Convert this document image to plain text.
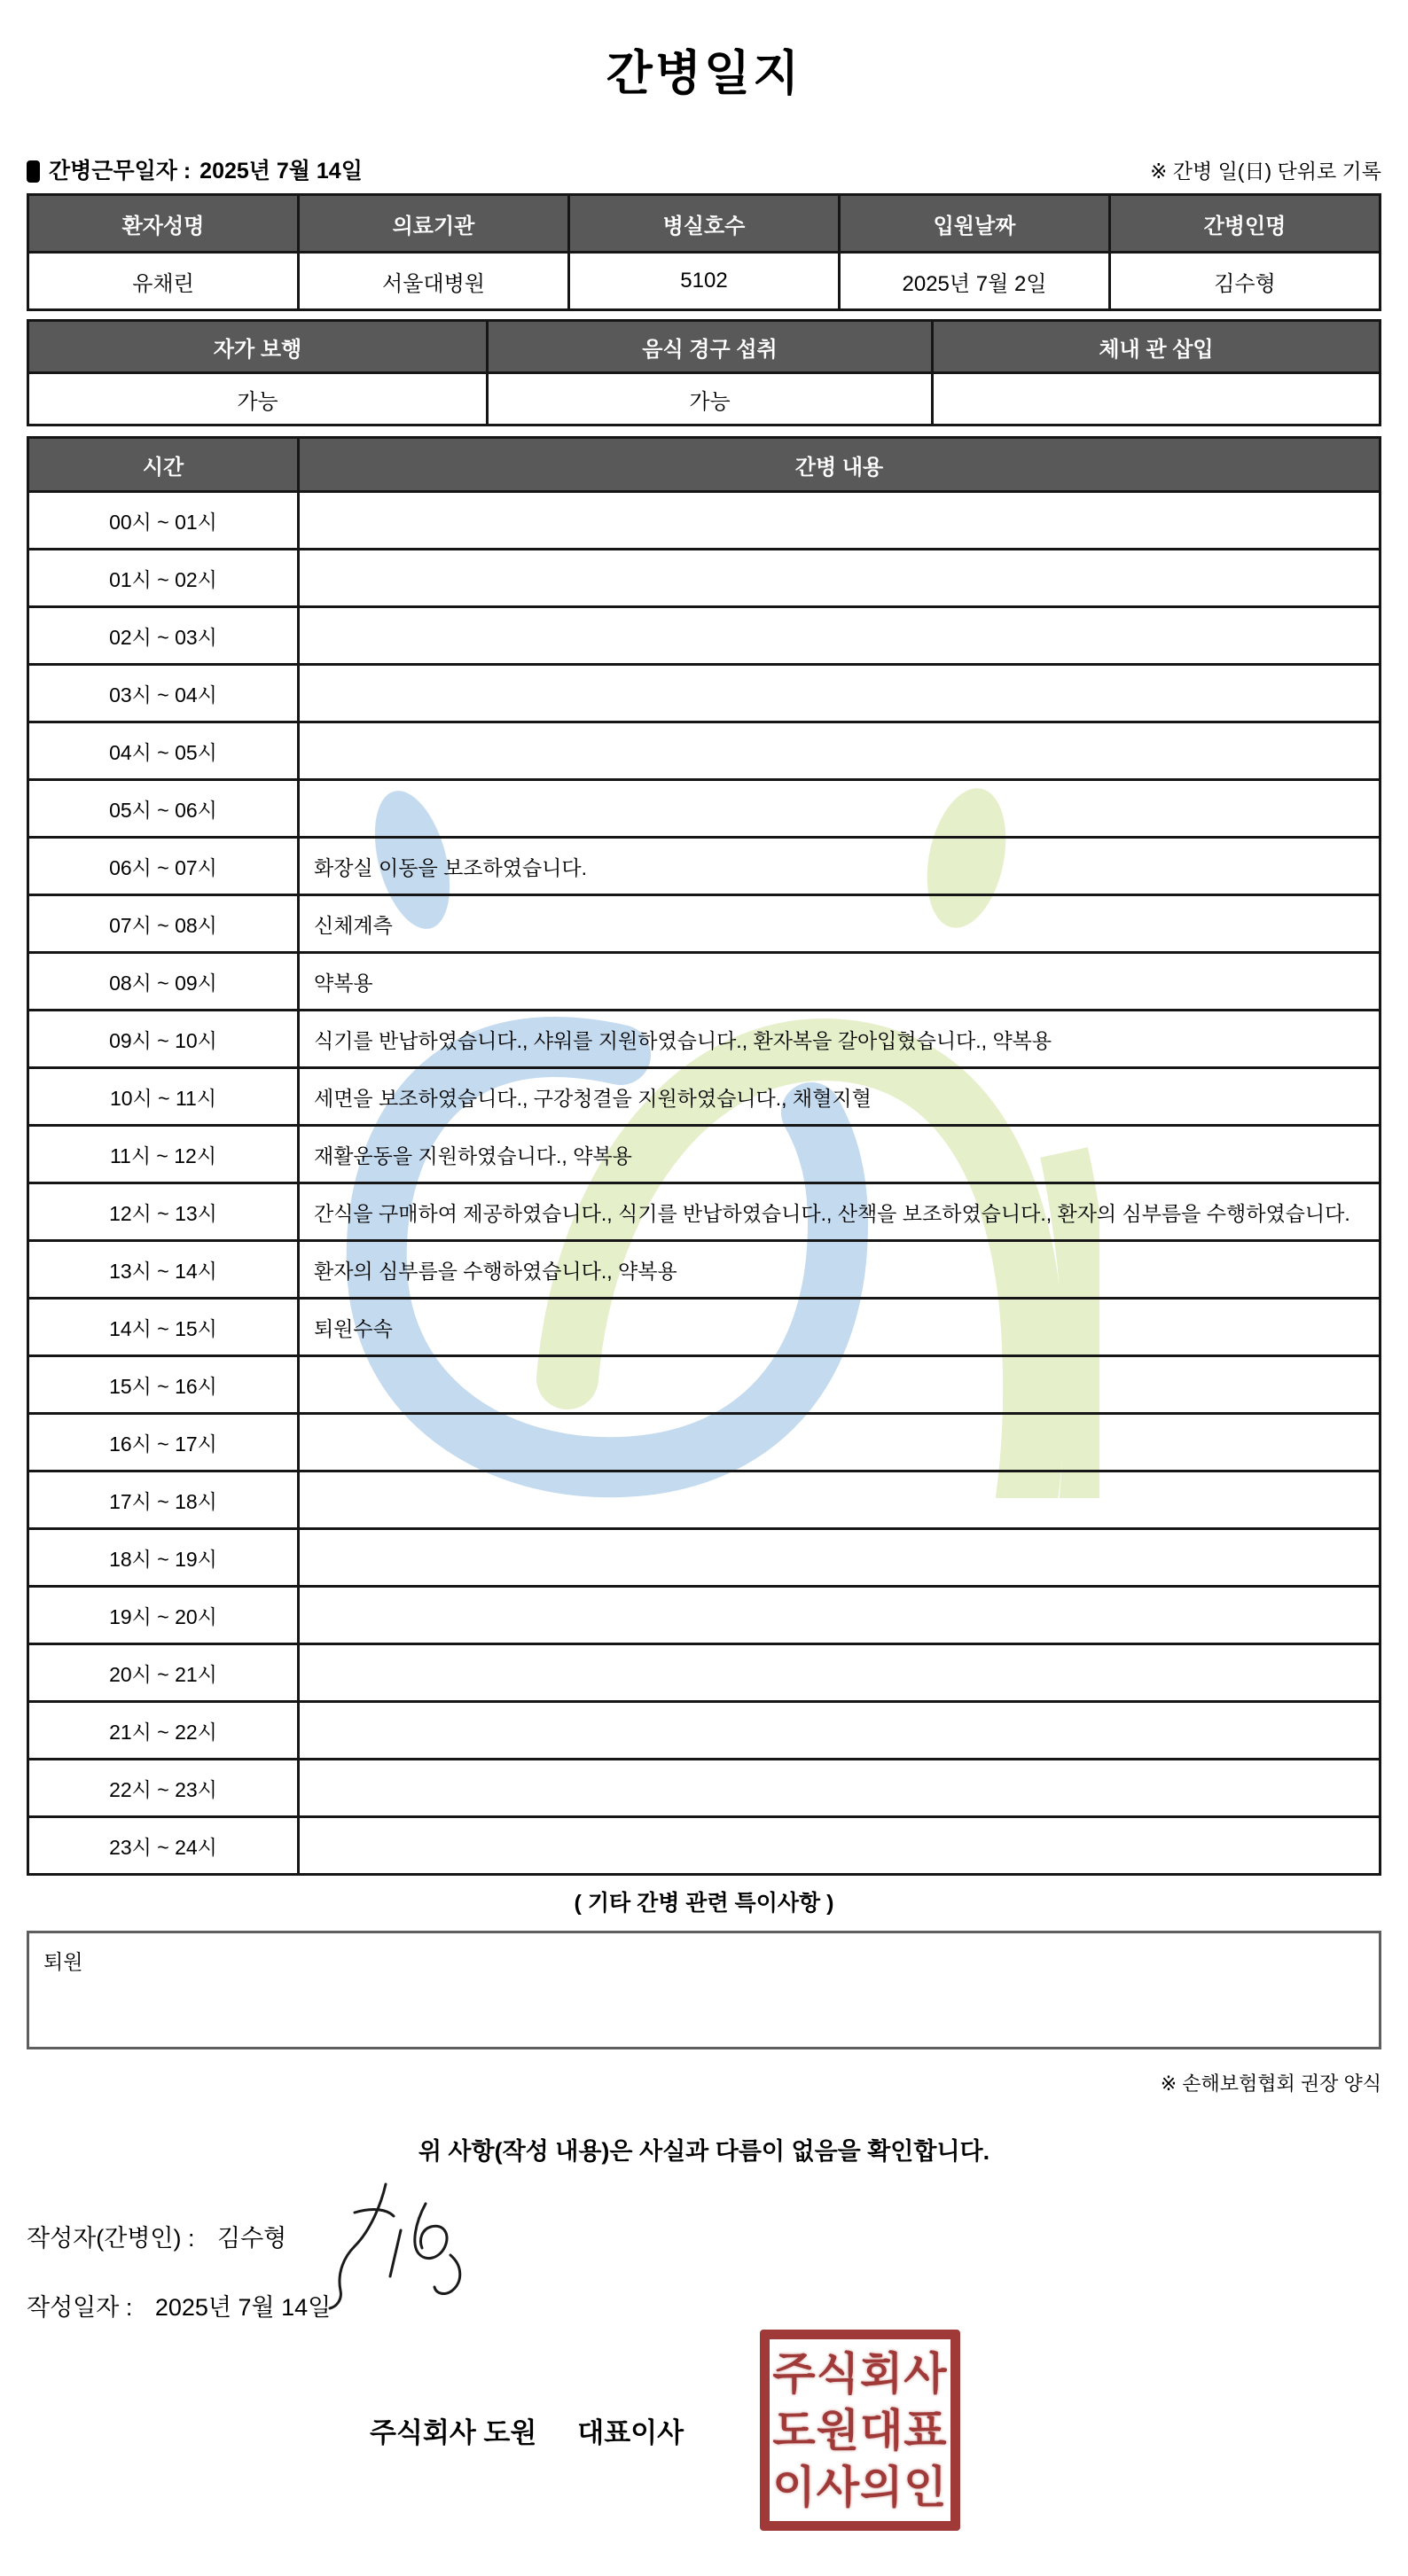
간병일지
간병근무일자 : 2025년 7월 14일	※ 간병 일(日) 단위로 기록
환자성명	의료기관	병실호수	입원날짜	간병인명
유채린	서울대병원	5102	2025년 7월 2일	김수형
자가 보행	음식 경구 섭취	체내 관 삽입
가능	가능	
시간	간병 내용
00시 ~ 01시	
01시 ~ 02시	
02시 ~ 03시	
03시 ~ 04시	
04시 ~ 05시	
05시 ~ 06시	
06시 ~ 07시	화장실 이동을 보조하였습니다.
07시 ~ 08시	신체계측
08시 ~ 09시	약복용
09시 ~ 10시	식기를 반납하였습니다., 샤워를 지원하였습니다., 환자복을 갈아입혔습니다., 약복용
10시 ~ 11시	세면을 보조하였습니다., 구강청결을 지원하였습니다., 채혈지혈
11시 ~ 12시	재활운동을 지원하였습니다., 약복용
12시 ~ 13시	간식을 구매하여 제공하였습니다., 식기를 반납하였습니다., 산책을 보조하였습니다., 환자의 심부름을 수행하였습니다.
13시 ~ 14시	환자의 심부름을 수행하였습니다., 약복용
14시 ~ 15시	퇴원수속
15시 ~ 16시	
16시 ~ 17시	
17시 ~ 18시	
18시 ~ 19시	
19시 ~ 20시	
20시 ~ 21시	
21시 ~ 22시	
22시 ~ 23시	
23시 ~ 24시	
( 기타 간병 관련 특이사항 )
퇴원
※ 손해보험협회 권장 양식
위 사항(작성 내용)은 사실과 다름이 없음을 확인합니다.
작성자(간병인) : 김수형
작성일자 : 2025년 7월 14일
주식회사 도원 대표이사
주식회사
도원대표
이사의인
